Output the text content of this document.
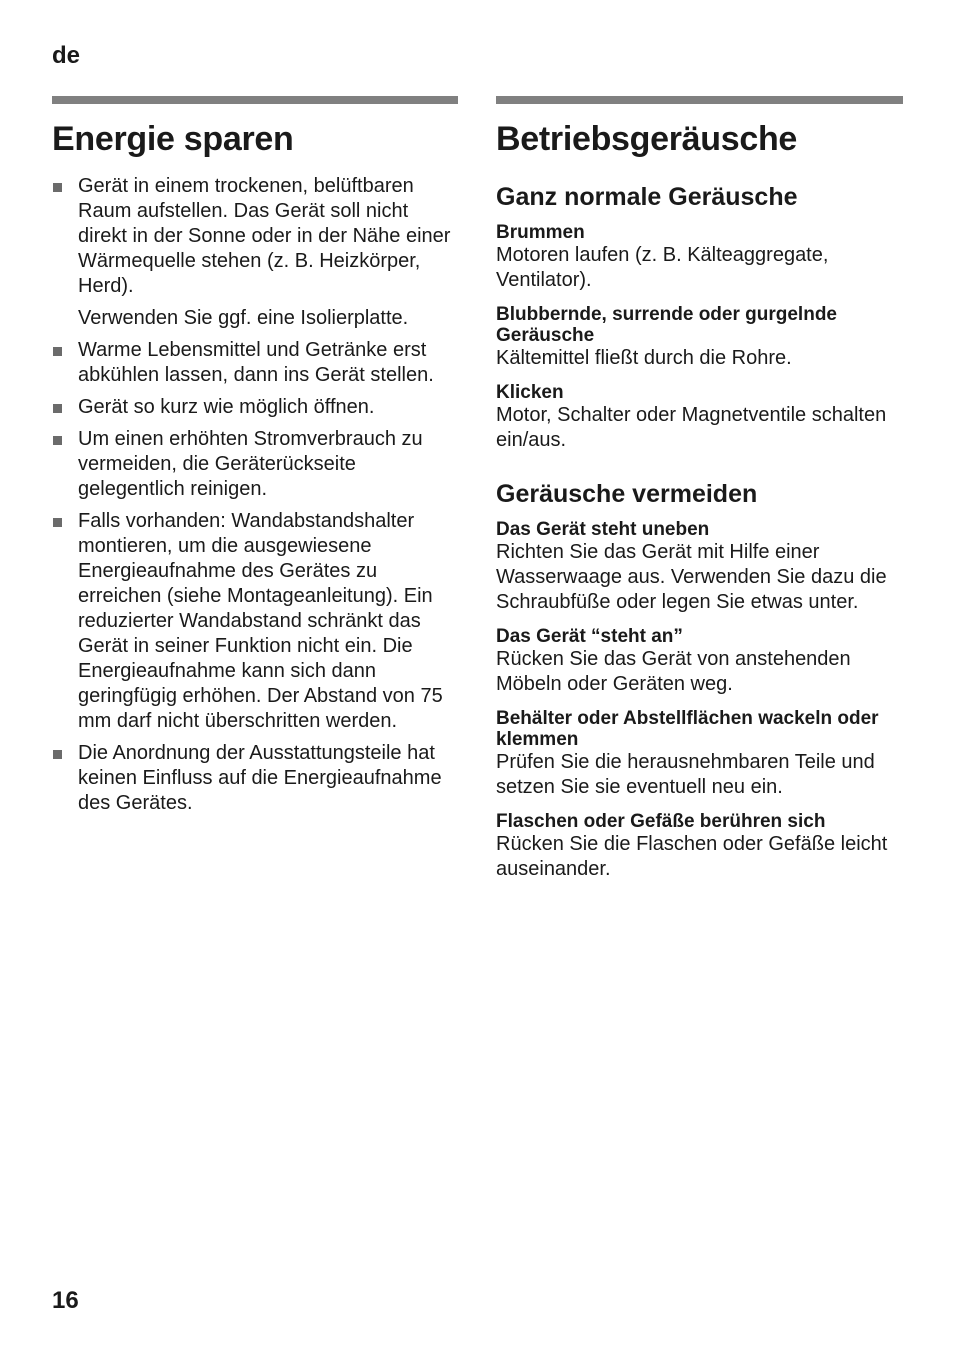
de
Energie sparen
Gerät in einem trockenen, belüftbaren Raum aufstellen. Das Gerät soll nicht direkt in der Sonne oder in der Nähe einer Wärmequelle stehen (z. B. Heizkörper, Herd).
Verwenden Sie ggf. eine Isolierplatte.
Warme Lebensmittel und Getränke erst abkühlen lassen, dann ins Gerät stellen.
Gerät so kurz wie möglich öffnen.
Um einen erhöhten Stromverbrauch zu vermeiden, die Geräterückseite gelegentlich reinigen.
Falls vorhanden: Wandabstandshalter montieren, um die ausgewiesene Energieaufnahme des Gerätes zu erreichen (siehe Montageanleitung). Ein reduzierter Wandabstand schränkt das Gerät in seiner Funktion nicht ein. Die Energieaufnahme kann sich dann geringfügig erhöhen. Der Abstand von 75 mm darf nicht überschritten werden.
Die Anordnung der Ausstattungsteile hat keinen Einfluss auf die Energieaufnahme des Gerätes.
Betriebsgeräusche
Ganz normale Geräusche
Brummen
Motoren laufen (z. B. Kälteaggregate, Ventilator).
Blubbernde, surrende oder gurgelnde Geräusche
Kältemittel fließt durch die Rohre.
Klicken
Motor, Schalter oder Magnetventile schalten ein/aus.
Geräusche vermeiden
Das Gerät steht uneben
Richten Sie das Gerät mit Hilfe einer Wasserwaage aus. Verwenden Sie dazu die Schraubfüße oder legen Sie etwas unter.
Das Gerät “steht an”
Rücken Sie das Gerät von anstehenden Möbeln oder Geräten weg.
Behälter oder Abstellflächen wackeln oder klemmen
Prüfen Sie die herausnehmbaren Teile und setzen Sie sie eventuell neu ein.
Flaschen oder Gefäße berühren sich
Rücken Sie die Flaschen oder Gefäße leicht auseinander.
16
